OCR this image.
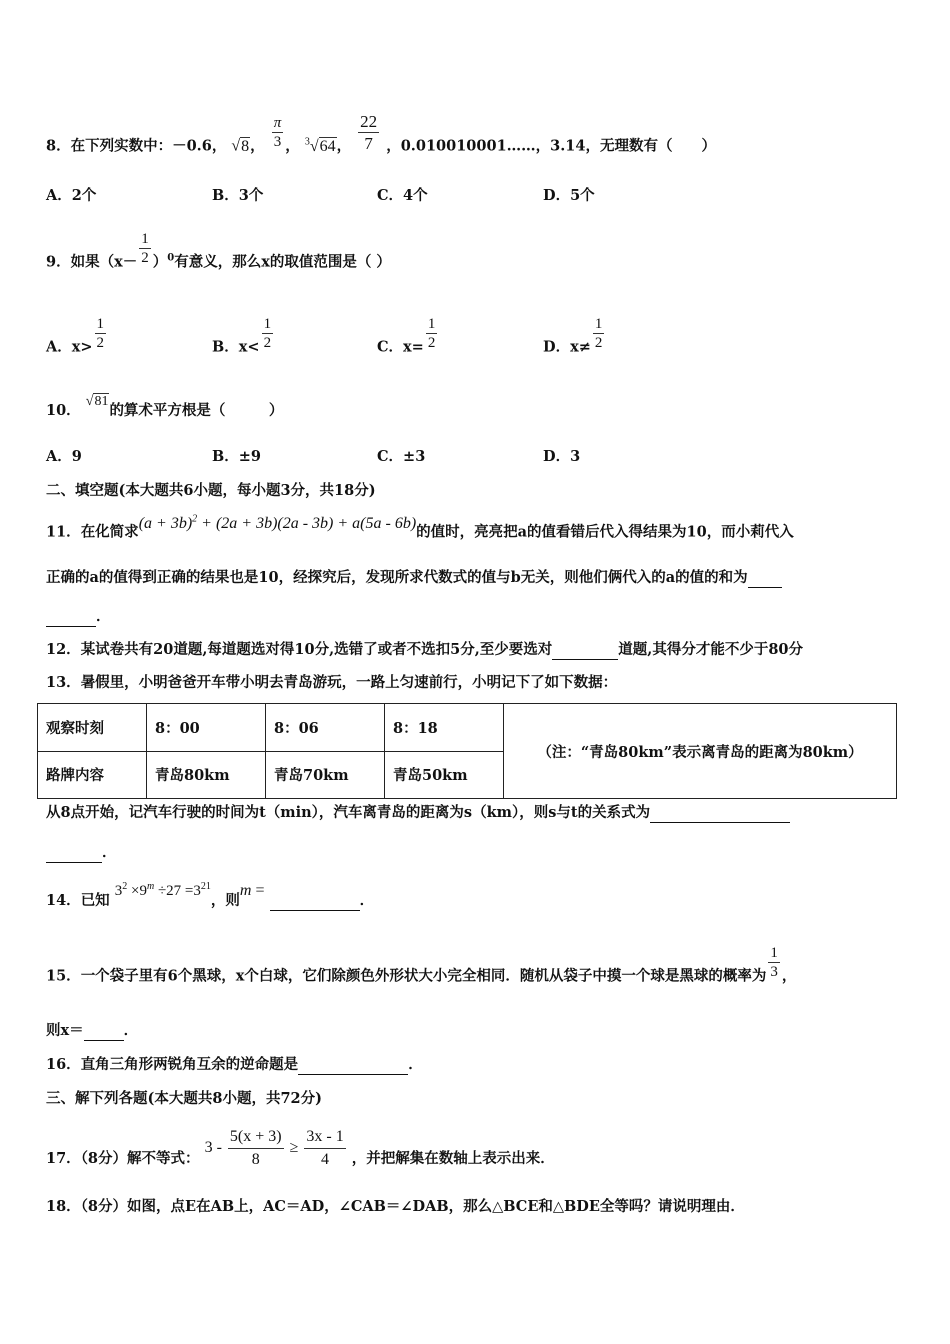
8．在下列实数中：－0.6， √8， $\frac{\pi}{3}$ ， $^3$√64， $\frac{22}{7}$ ，0.010010001……，3.14，无理数有（　　）
A．2个	B．3个	C．4个	D．5个
9．如果$(x- \frac{1}{2} )^0$有意义，那么x的取值范围是（ ）
A．$x> \frac{1}{2}$	B．$x< \frac{1}{2}$	C．$x= \frac{1}{2}$	D．$x\ne \frac{1}{2}$
10． √81的算术平方根是（　　　）
A．9	B．±9	C．±3	D．3
二、填空题(本大题共6小题，每小题3分，共18分)
11．在化简求$(a + 3b)^2 + (2a + 3b)(2a - 3b) + a(5a - 6b)$的值时，亮亮把a的值看错后代入得结果为10，而小莉代入
正确的a的值得到正确的结果也是10，经探究后，发现所求代数式的值与b无关，则他们俩代入的a的值的和为
．
12．某试卷共有20道题,每道题选对得10分,选错了或者不选扣5分,至少要选对	道题,其得分才能不少于80分
13．暑假里，小明爸爸开车带小明去青岛游玩，一路上匀速前行，小明记下了如下数据：
观察时刻	8：00	8：06	8：18	（注：“青岛80km”表示离青岛的距离为80km）
路牌内容	青岛80km	青岛70km	青岛50km	
从8点开始，记汽车行驶的时间为t（min），汽车离青岛的距离为s（km），则s与t的关系式为
．
14．已知 $3^2 \times 9^m \div 27 =3^{21}$，则m = ．
15．一个袋子里有6个黑球，x个白球，它们除颜色外形状大小完全相同．随机从袋子中摸一个球是黑球的概率为 $\frac{1}{3}$ ，
则x＝	．
16．直角三角形两锐角互余的逆命题是	．
三、解下列各题(本大题共8小题，共72分)
17．（8分）解不等式： $3 - \frac{5(x + 3)}{8} \ge \frac{3x - 1}{4}$ ，并把解集在数轴上表示出来．
18．（8分）如图，点E在AB上，AC＝AD，∠CAB＝∠DAB，那么△BCE和△BDE全等吗？请说明理由．
